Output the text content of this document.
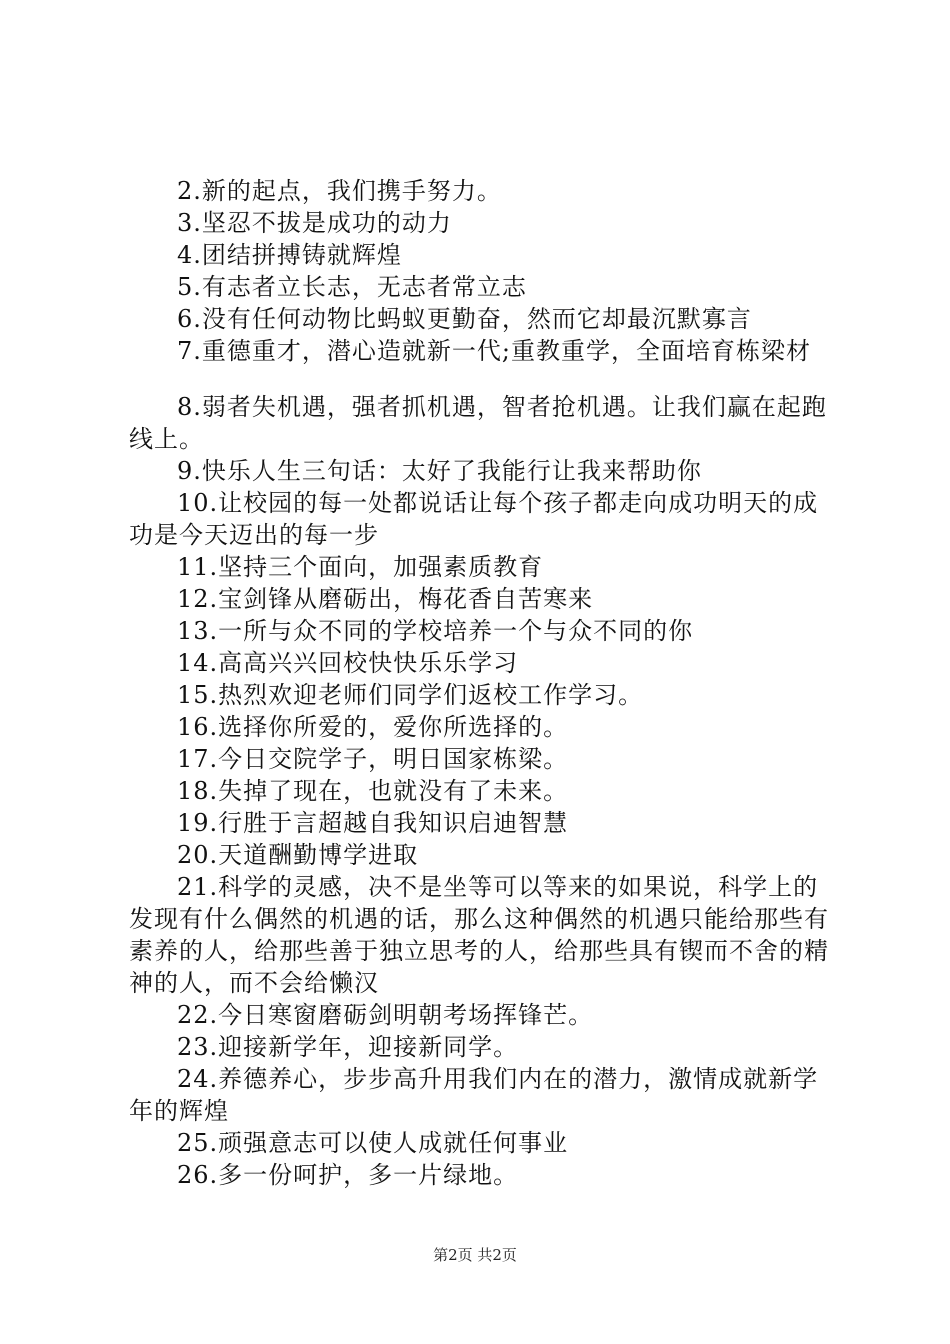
2.新的起点，我们携手努力。

3.坚忍不拔是成功的动力

4.团结拼搏铸就辉煌

5.有志者立长志，无志者常立志

6.没有任何动物比蚂蚁更勤奋，然而它却最沉默寡言

7.重德重才，潜心造就新一代;重教重学，全面培育栋梁材

8.弱者失机遇，强者抓机遇，智者抢机遇。让我们赢在起跑线上。

9.快乐人生三句话：太好了我能行让我来帮助你

10.让校园的每一处都说话让每个孩子都走向成功明天的成功是今天迈出的每一步

11.坚持三个面向，加强素质教育

12.宝剑锋从磨砺出，梅花香自苦寒来

13.一所与众不同的学校培养一个与众不同的你

14.高高兴兴回校快快乐乐学习

15.热烈欢迎老师们同学们返校工作学习。

16.选择你所爱的，爱你所选择的。

17.今日交院学子，明日国家栋梁。

18.失掉了现在，也就没有了未来。

19.行胜于言超越自我知识启迪智慧

20.天道酬勤博学进取

21.科学的灵感，决不是坐等可以等来的如果说，科学上的发现有什么偶然的机遇的话，那么这种偶然的机遇只能给那些有素养的人，给那些善于独立思考的人，给那些具有锲而不舍的精神的人，而不会给懒汉

22.今日寒窗磨砺剑明朝考场挥锋芒。

23.迎接新学年，迎接新同学。

24.养德养心，步步高升用我们内在的潜力，激情成就新学年的辉煌

25.顽强意志可以使人成就任何事业

26.多一份呵护，多一片绿地。

第2页 共2页
